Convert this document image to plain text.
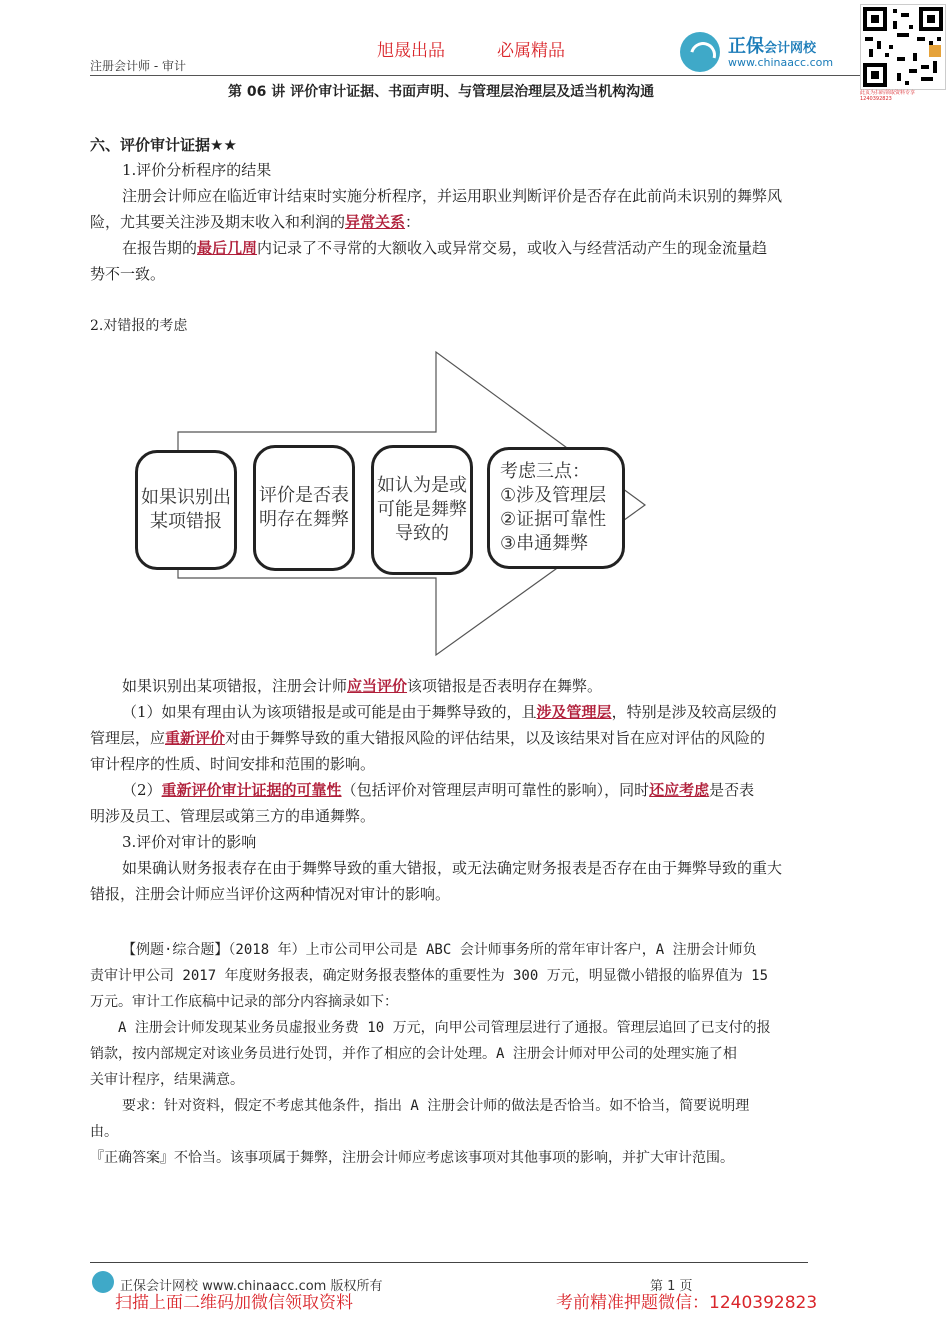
注册会计师 - 审计
旭晟出品	必属精品	正保会计网校
www.chinaacc.com
此页为扫码领取资料专享 1240392823
第 06 讲 评价审计证据、书面声明、与管理层治理层及适当机构沟通
六、评价审计证据★★
1.评价分析程序的结果
注册会计师应在临近审计结束时实施分析程序，并运用职业判断评价是否存在此前尚未识别的舞弊风
险，尤其要关注涉及期末收入和利润的异常关系：
在报告期的最后几周内记录了不寻常的大额收入或异常交易，或收入与经营活动产生的现金流量趋
势不一致。
2.对错报的考虑
如果识别出某项错报
评价是否表明存在舞弊
如认为是或可能是舞弊导致的
考虑三点：
①涉及管理层
②证据可靠性
③串通舞弊
如果识别出某项错报，注册会计师应当评价该项错报是否表明存在舞弊。
（1）如果有理由认为该项错报是或可能是由于舞弊导致的，且涉及管理层，特别是涉及较高层级的
管理层，应重新评价对由于舞弊导致的重大错报风险的评估结果，以及该结果对旨在应对评估的风险的
审计程序的性质、时间安排和范围的影响。
（2）重新评价审计证据的可靠性（包括评价对管理层声明可靠性的影响），同时还应考虑是否表
明涉及员工、管理层或第三方的串通舞弊。
3.评价对审计的影响
如果确认财务报表存在由于舞弊导致的重大错报，或无法确定财务报表是否存在由于舞弊导致的重大
错报，注册会计师应当评价这两种情况对审计的影响。
【例题·综合题】（2018 年）上市公司甲公司是 ABC 会计师事务所的常年审计客户，A 注册会计师负
责审计甲公司 2017 年度财务报表，确定财务报表整体的重要性为 300 万元，明显微小错报的临界值为 15
万元。审计工作底稿中记录的部分内容摘录如下：
A 注册会计师发现某业务员虚报业务费 10 万元，向甲公司管理层进行了通报。管理层追回了已支付的报
销款，按内部规定对该业务员进行处罚，并作了相应的会计处理。A 注册会计师对甲公司的处理实施了相
关审计程序，结果满意。
要求：针对资料，假定不考虑其他条件，指出 A 注册会计师的做法是否恰当。如不恰当，简要说明理
由。
『正确答案』不恰当。该事项属于舞弊，注册会计师应考虑该事项对其他事项的影响，并扩大审计范围。
正保会计网校 www.chinaacc.com 版权所有	第 1 页
扫描上面二维码加微信领取资料	考前精准押题微信：1240392823
